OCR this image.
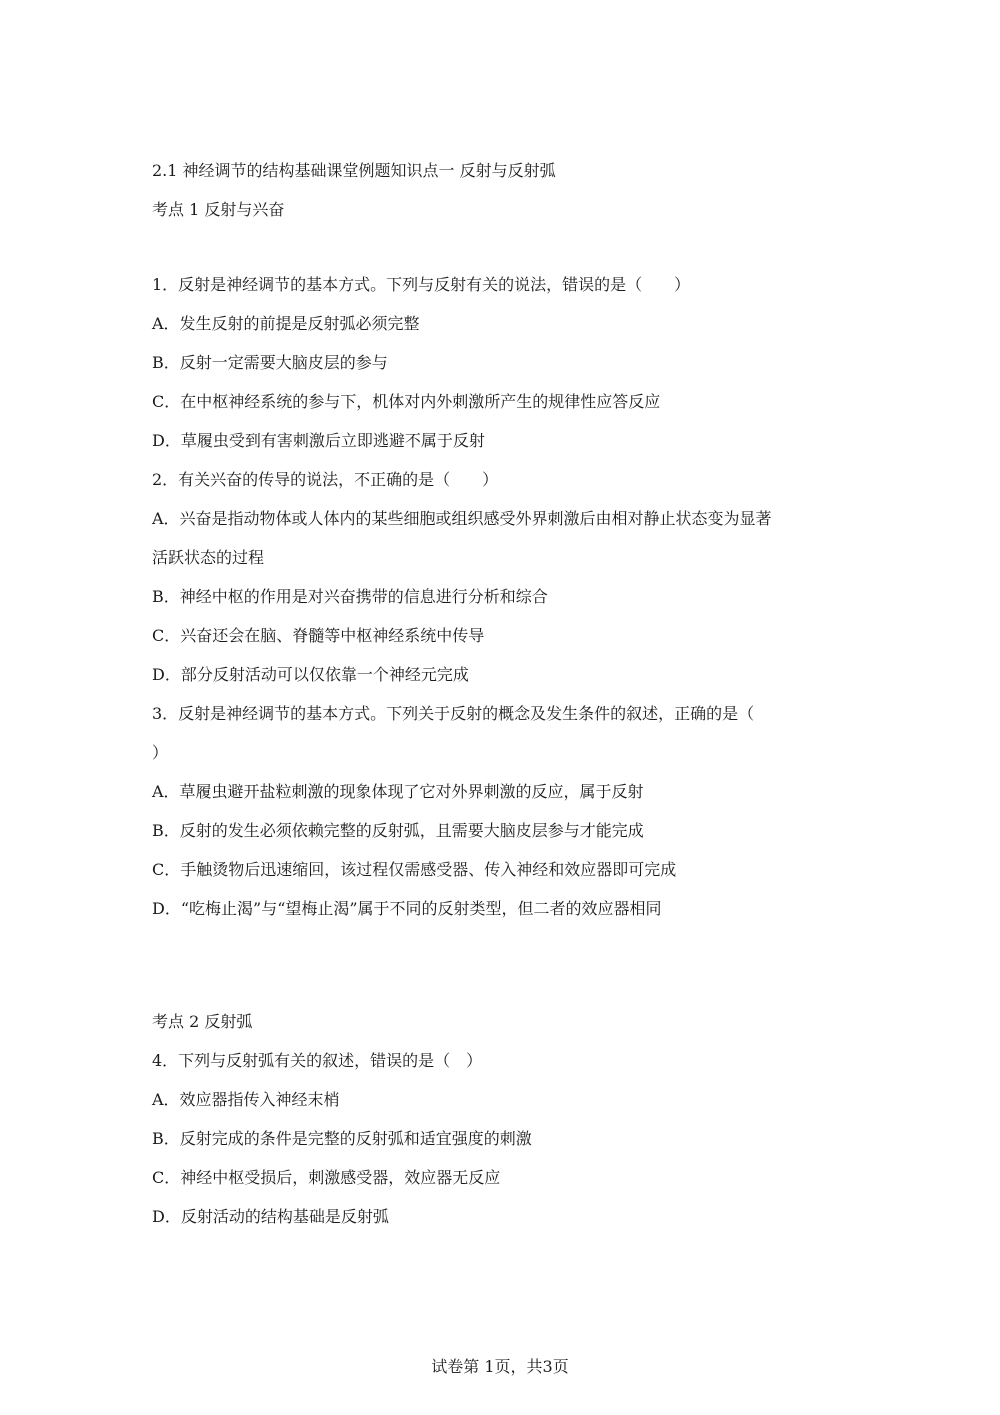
2.1 神经调节的结构基础课堂例题知识点一 反射与反射弧
考点 1 反射与兴奋
1．反射是神经调节的基本方式。下列与反射有关的说法，错误的是（　　）
A．发生反射的前提是反射弧必须完整
B．反射一定需要大脑皮层的参与
C．在中枢神经系统的参与下，机体对内外刺激所产生的规律性应答反应
D．草履虫受到有害刺激后立即逃避不属于反射
2．有关兴奋的传导的说法，不正确的是（　　）
A．兴奋是指动物体或人体内的某些细胞或组织感受外界刺激后由相对静止状态变为显著
活跃状态的过程
B．神经中枢的作用是对兴奋携带的信息进行分析和综合
C．兴奋还会在脑、脊髓等中枢神经系统中传导
D．部分反射活动可以仅依靠一个神经元完成
3．反射是神经调节的基本方式。下列关于反射的概念及发生条件的叙述，正确的是（
）
A．草履虫避开盐粒刺激的现象体现了它对外界刺激的反应，属于反射
B．反射的发生必须依赖完整的反射弧，且需要大脑皮层参与才能完成
C．手触烫物后迅速缩回，该过程仅需感受器、传入神经和效应器即可完成
D．“吃梅止渴”与“望梅止渴”属于不同的反射类型，但二者的效应器相同
考点 2 反射弧
4．下列与反射弧有关的叙述，错误的是（　）
A．效应器指传入神经末梢
B．反射完成的条件是完整的反射弧和适宜强度的刺激
C．神经中枢受损后，刺激感受器，效应器无反应
D．反射活动的结构基础是反射弧
试卷第 1页，共3页
